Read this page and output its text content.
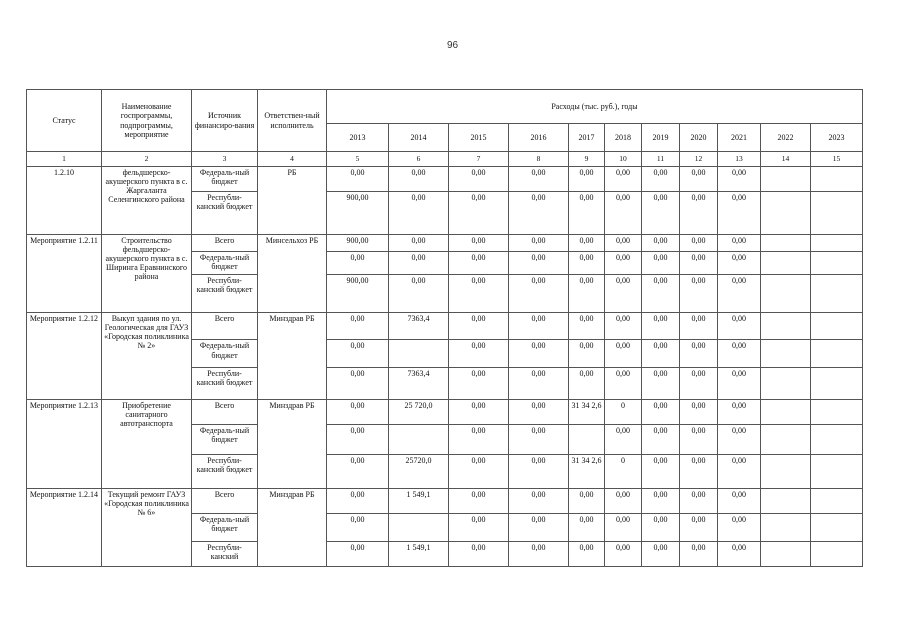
96
Статус	Наименование госпрограммы, подпрограммы, мероприятие	Источник финансиро-вания	Ответствен-ный исполнитель	Расходы (тыс. руб.), годы										
				2013	2014	2015	2016	2017	2018	2019	2020	2021	2022	2023
1	2	3	4	5	6	7	8	9	10	11	12	13	14	15
1.2.10	фельдшерско-акушерского пункта в с. Жаргаланта Селенгинского района	Федераль-ный бюджет	РБ	0,00	0,00	0,00	0,00	0,00	0,00	0,00	0,00	0,00		
		Республи-канский бюджет		900,00	0,00	0,00	0,00	0,00	0,00	0,00	0,00	0,00		
Мероприятие 1.2.11	Строительство фельдшерско-акушерского пункта в с. Ширинга Еравнинского района	Всего	Минсельхоз РБ	900,00	0,00	0,00	0,00	0,00	0,00	0,00	0,00	0,00		
		Федераль-ный бюджет		0,00	0,00	0,00	0,00	0,00	0,00	0,00	0,00	0,00		
		Республи-канский бюджет		900,00	0,00	0,00	0,00	0,00	0,00	0,00	0,00	0,00		
Мероприятие 1.2.12	Выкуп здания по ул. Геологическая для ГАУЗ «Городская поликлиника № 2»	Всего	Минздрав РБ	0,00	7363,4	0,00	0,00	0,00	0,00	0,00	0,00	0,00		
		Федераль-ный бюджет		0,00		0,00	0,00	0,00	0,00	0,00	0,00	0,00		
		Республи-канский бюджет		0,00	7363,4	0,00	0,00	0,00	0,00	0,00	0,00	0,00		
Мероприятие 1.2.13	Приобретение санитарного автотранспорта	Всего	Минздрав РБ	0,00	25 720,0	0,00	0,00	31 34 2,6	0	0,00	0,00	0,00		
		Федераль-ный бюджет		0,00		0,00	0,00		0,00	0,00	0,00	0,00		
		Республи-канский бюджет		0,00	25720,0	0,00	0,00	31 34 2,6	0	0,00	0,00	0,00		
Мероприятие 1.2.14	Текущий ремонт ГАУЗ «Городская поликлиника № 6»	Всего	Минздрав РБ	0,00	1 549,1	0,00	0,00	0,00	0,00	0,00	0,00	0,00		
		Федераль-ный бюджет		0,00		0,00	0,00	0,00	0,00	0,00	0,00	0,00		
		Республи-канский		0,00	1 549,1	0,00	0,00	0,00	0,00	0,00	0,00	0,00		
